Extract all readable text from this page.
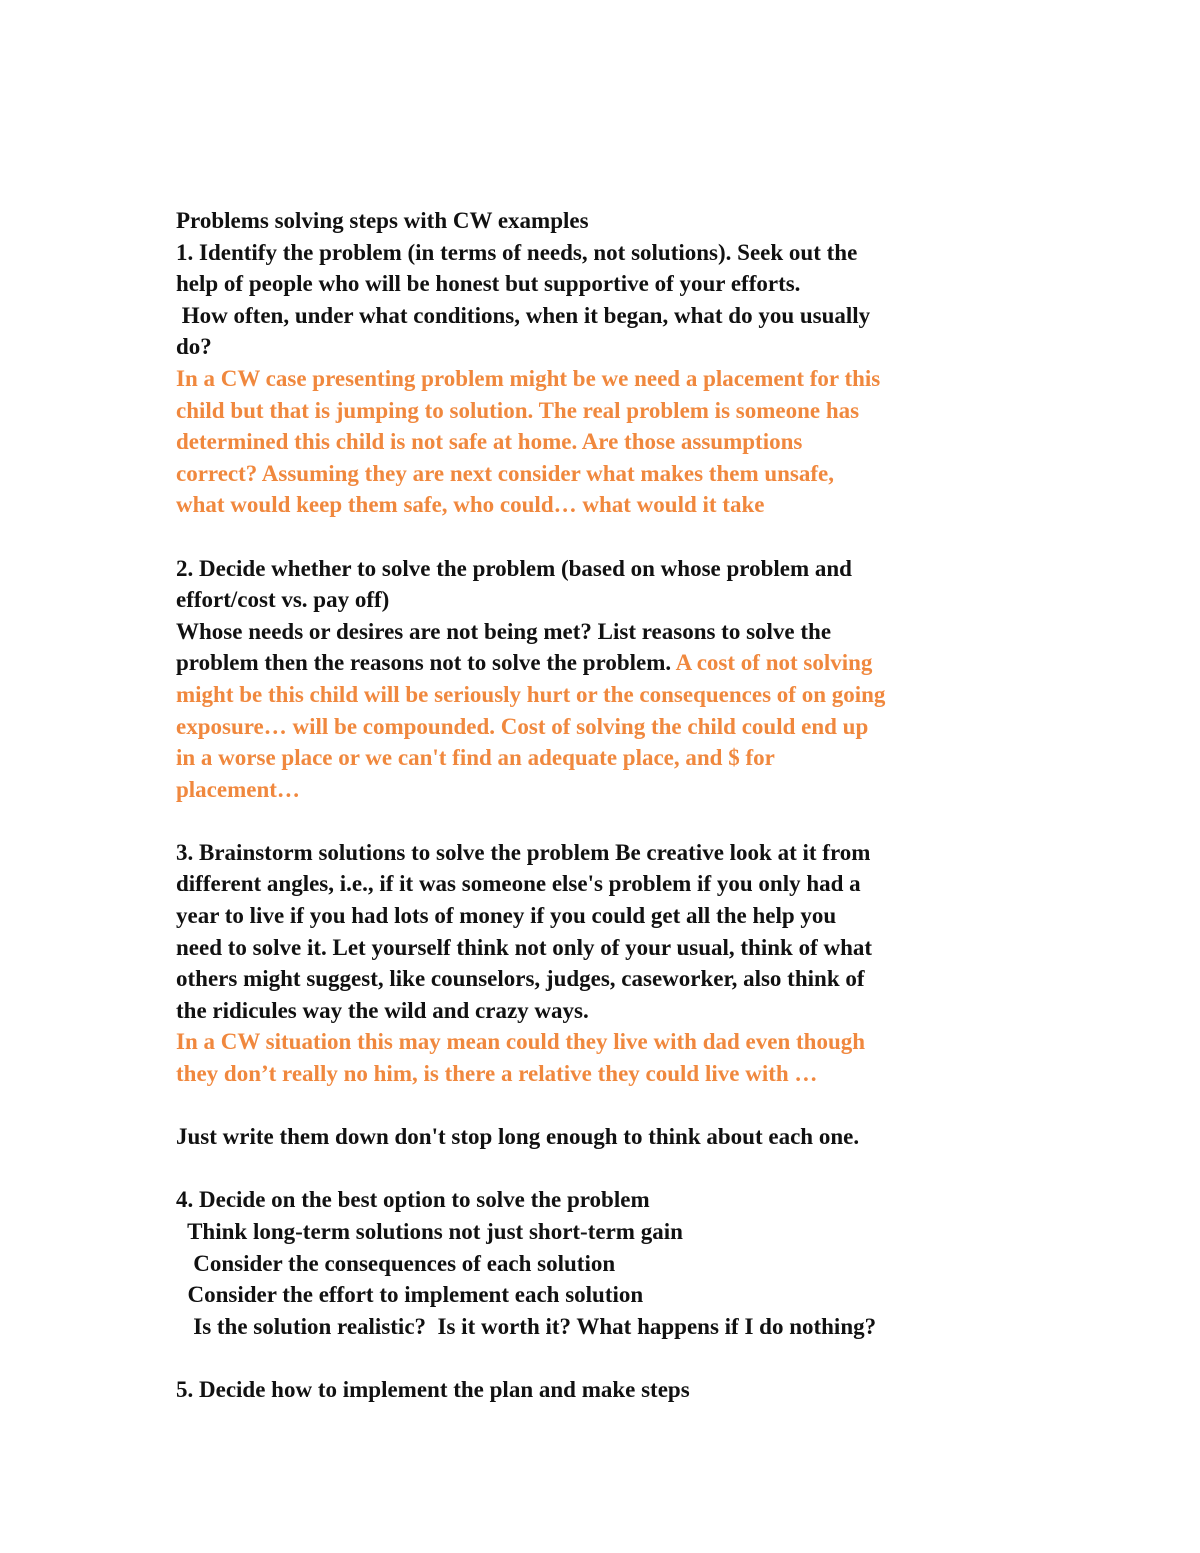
Problems solving steps with CW examples
1. Identify the problem (in terms of needs, not solutions). Seek out the
help of people who will be honest but supportive of your efforts.
How often, under what conditions, when it began, what do you usually
do?
In a CW case presenting problem might be we need a placement for this
child but that is jumping to solution. The real problem is someone has
determined this child is not safe at home. Are those assumptions
correct? Assuming they are next consider what makes them unsafe,
what would keep them safe, who could… what would it take
2. Decide whether to solve the problem (based on whose problem and
effort/cost vs. pay off)
Whose needs or desires are not being met? List reasons to solve the
problem then the reasons not to solve the problem. A cost of not solving
might be this child will be seriously hurt or the consequences of on going
exposure… will be compounded. Cost of solving the child could end up
in a worse place or we can't find an adequate place, and $ for
placement…
3. Brainstorm solutions to solve the problem Be creative look at it from
different angles, i.e., if it was someone else's problem if you only had a
year to live if you had lots of money if you could get all the help you
need to solve it. Let yourself think not only of your usual, think of what
others might suggest, like counselors, judges, caseworker, also think of
the ridicules way the wild and crazy ways.
In a CW situation this may mean could they live with dad even though
they don’t really no him, is there a relative they could live with …
Just write them down don't stop long enough to think about each one.
4. Decide on the best option to solve the problem
Think long-term solutions not just short-term gain
Consider the consequences of each solution
Consider the effort to implement each solution
Is the solution realistic?  Is it worth it? What happens if I do nothing?
5. Decide how to implement the plan and make steps
